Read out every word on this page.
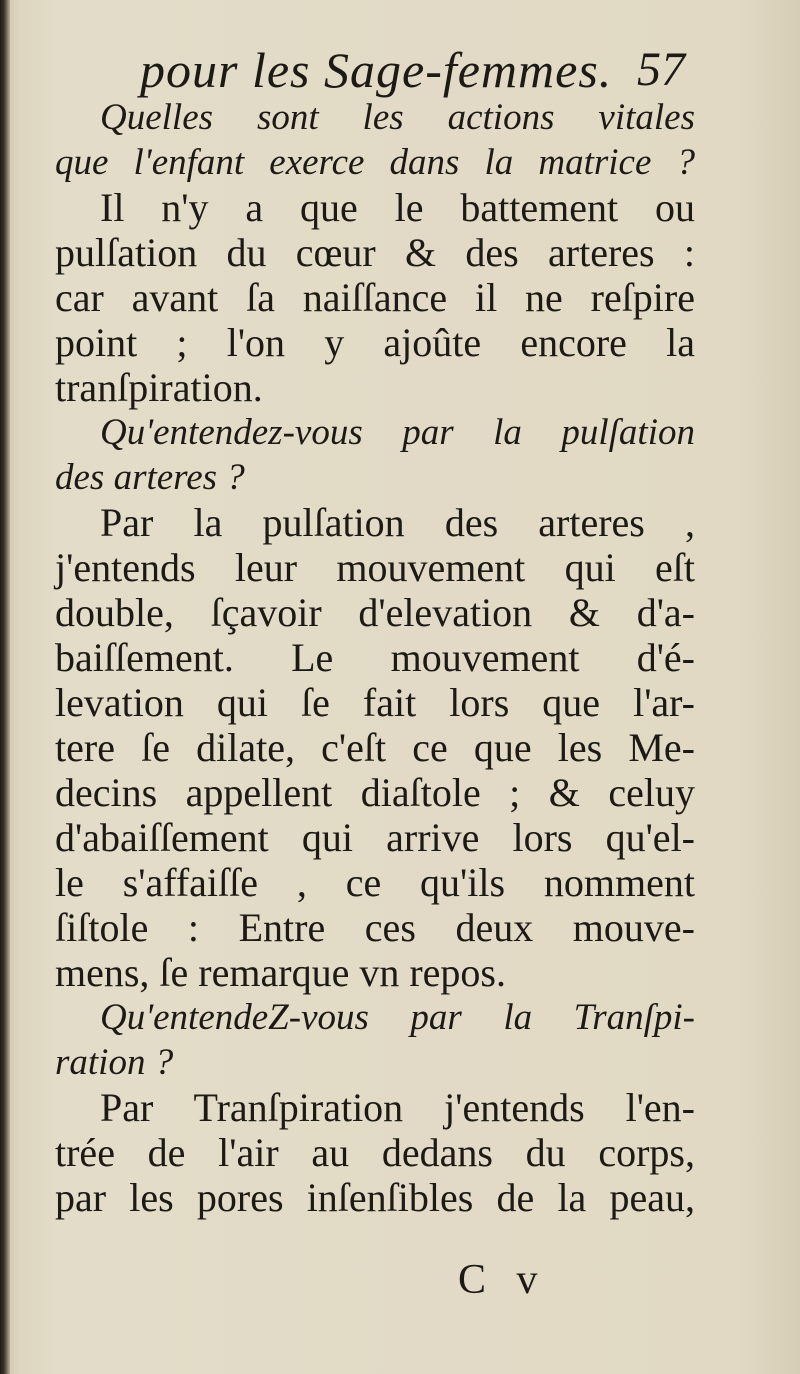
pour les Sage-femmes. 57
Quelles sont les actions vitales
que l'enfant exerce dans la matrice ?
Il n'y a que le battement ou
pulſation du cœur & des arteres :
car avant ſa naiſſance il ne reſpire
point ; l'on y ajoûte encore la
tranſpiration.
Qu'entendez-vous par la pulſation
des arteres ?
Par la pulſation des arteres ,
j'entends leur mouvement qui eſt
double, ſçavoir d'elevation & d'a-
baiſſement. Le mouvement d'é-
levation qui ſe fait lors que l'ar-
tere ſe dilate, c'eſt ce que les Me-
decins appellent diaſtole ; & celuy
d'abaiſſement qui arrive lors qu'el-
le s'affaiſſe , ce qu'ils nomment
ſiſtole : Entre ces deux mouve-
mens, ſe remarque vn repos.
Qu'entendeZ-vous par la Tranſpi-
ration ?
Par Tranſpiration j'entends l'en-
trée de l'air au dedans du corps,
par les pores inſenſibles de la peau,
C v
